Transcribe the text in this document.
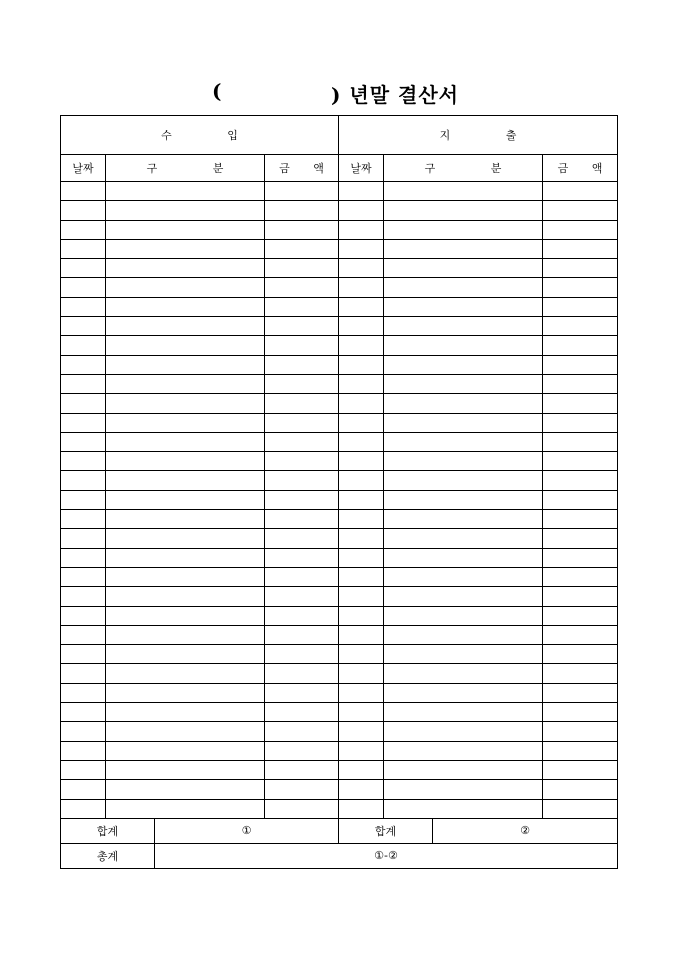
(	) 년말 결산서
수 입			지 출		
날짜	구 분	금 액	날짜	구 분	금 액

합계	①	합계	②
총계	①-②		
